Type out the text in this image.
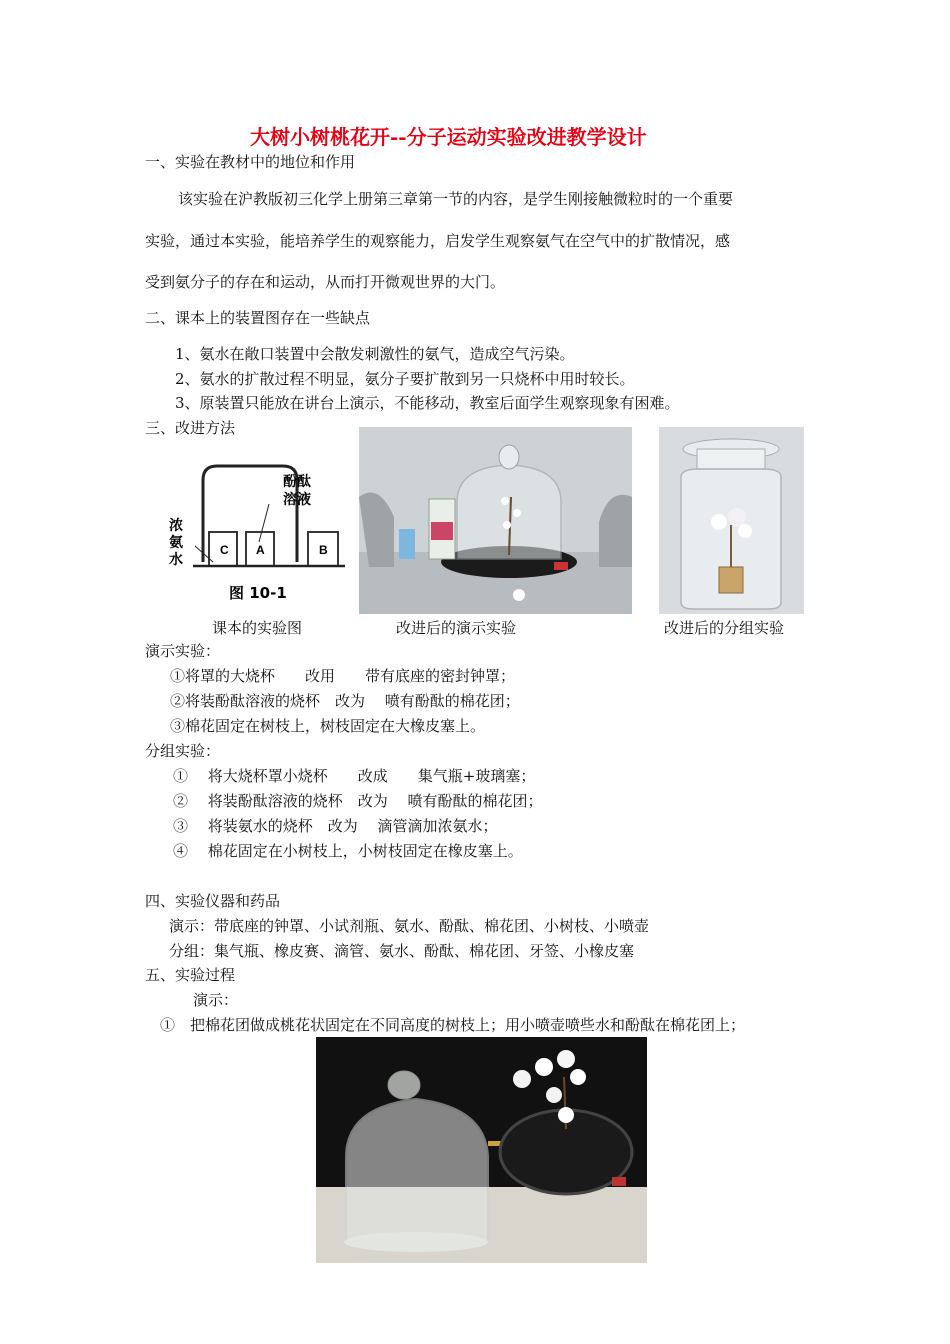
大树小树桃花开--分子运动实验改进教学设计
一、实验在教材中的地位和作用
该实验在沪教版初三化学上册第三章第一节的内容，是学生刚接触微粒时的一个重要
实验，通过本实验，能培养学生的观察能力，启发学生观察氨气在空气中的扩散情况，感
受到氨分子的存在和运动，从而打开微观世界的大门。
二、课本上的装置图存在一些缺点
1、氨水在敞口装置中会散发刺激性的氨气，造成空气污染。
2、氨水的扩散过程不明显，氨分子要扩散到另一只烧杯中用时较长。
3、原装置只能放在讲台上演示，不能移动，教室后面学生观察现象有困难。
三、改进方法
C A	B
酚酞
溶液
浓
氨
水
图 10-1
课本的实验图	改进后的演示实验	改进后的分组实验
演示实验：
①将罩的大烧杯　　改用　　带有底座的密封钟罩；
②将装酚酞溶液的烧杯　改为　 喷有酚酞的棉花团；
③棉花固定在树枝上，树枝固定在大橡皮塞上。
分组实验：
①　 将大烧杯罩小烧杯　　改成　　集气瓶+玻璃塞；
②　 将装酚酞溶液的烧杯　改为　 喷有酚酞的棉花团；
③　 将装氨水的烧杯　改为　 滴管滴加浓氨水；
④　 棉花固定在小树枝上，小树枝固定在橡皮塞上。
四、实验仪器和药品
演示：带底座的钟罩、小试剂瓶、氨水、酚酞、棉花团、小树枝、小喷壶
分组：集气瓶、橡皮赛、滴管、氨水、酚酞、棉花团、牙签、小橡皮塞
五、实验过程
演示：
①　把棉花团做成桃花状固定在不同高度的树枝上；用小喷壶喷些水和酚酞在棉花团上；
